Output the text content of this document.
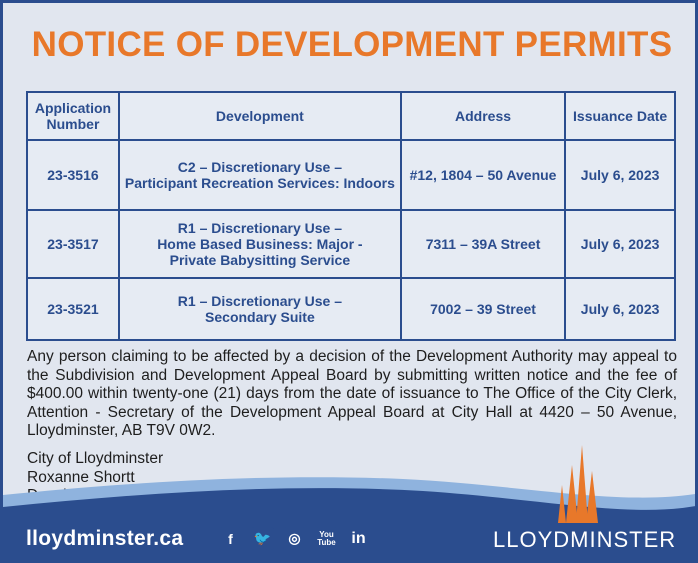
NOTICE OF DEVELOPMENT PERMITS
Application
Number	Development	Address	Issuance Date
23-3516	C2 – Discretionary Use –
Participant Recreation Services: Indoors	#12, 1804 – 50 Avenue	July 6, 2023
23-3517	R1 – Discretionary Use –
Home Based Business: Major -
Private Babysitting Service	7311 – 39A Street	July 6, 2023
23-3521	R1 – Discretionary Use –
Secondary Suite	7002 – 39 Street	July 6, 2023

Any person claiming to be affected by a decision of the Development Authority may appeal to the Subdivision and Development Appeal Board by submitting written notice and the fee of $400.00 within twenty-one (21) days from the date of issuance to The Office of the City Clerk, Attention - Secretary of the Development Appeal Board at City Hall at 4420 – 50 Avenue, Lloydminster, AB T9V 0W2.

City of Lloydminster
Roxanne Shortt
lloydminster.ca	f	🐦	◎	You
Tube in	LLOYDMINSTER
